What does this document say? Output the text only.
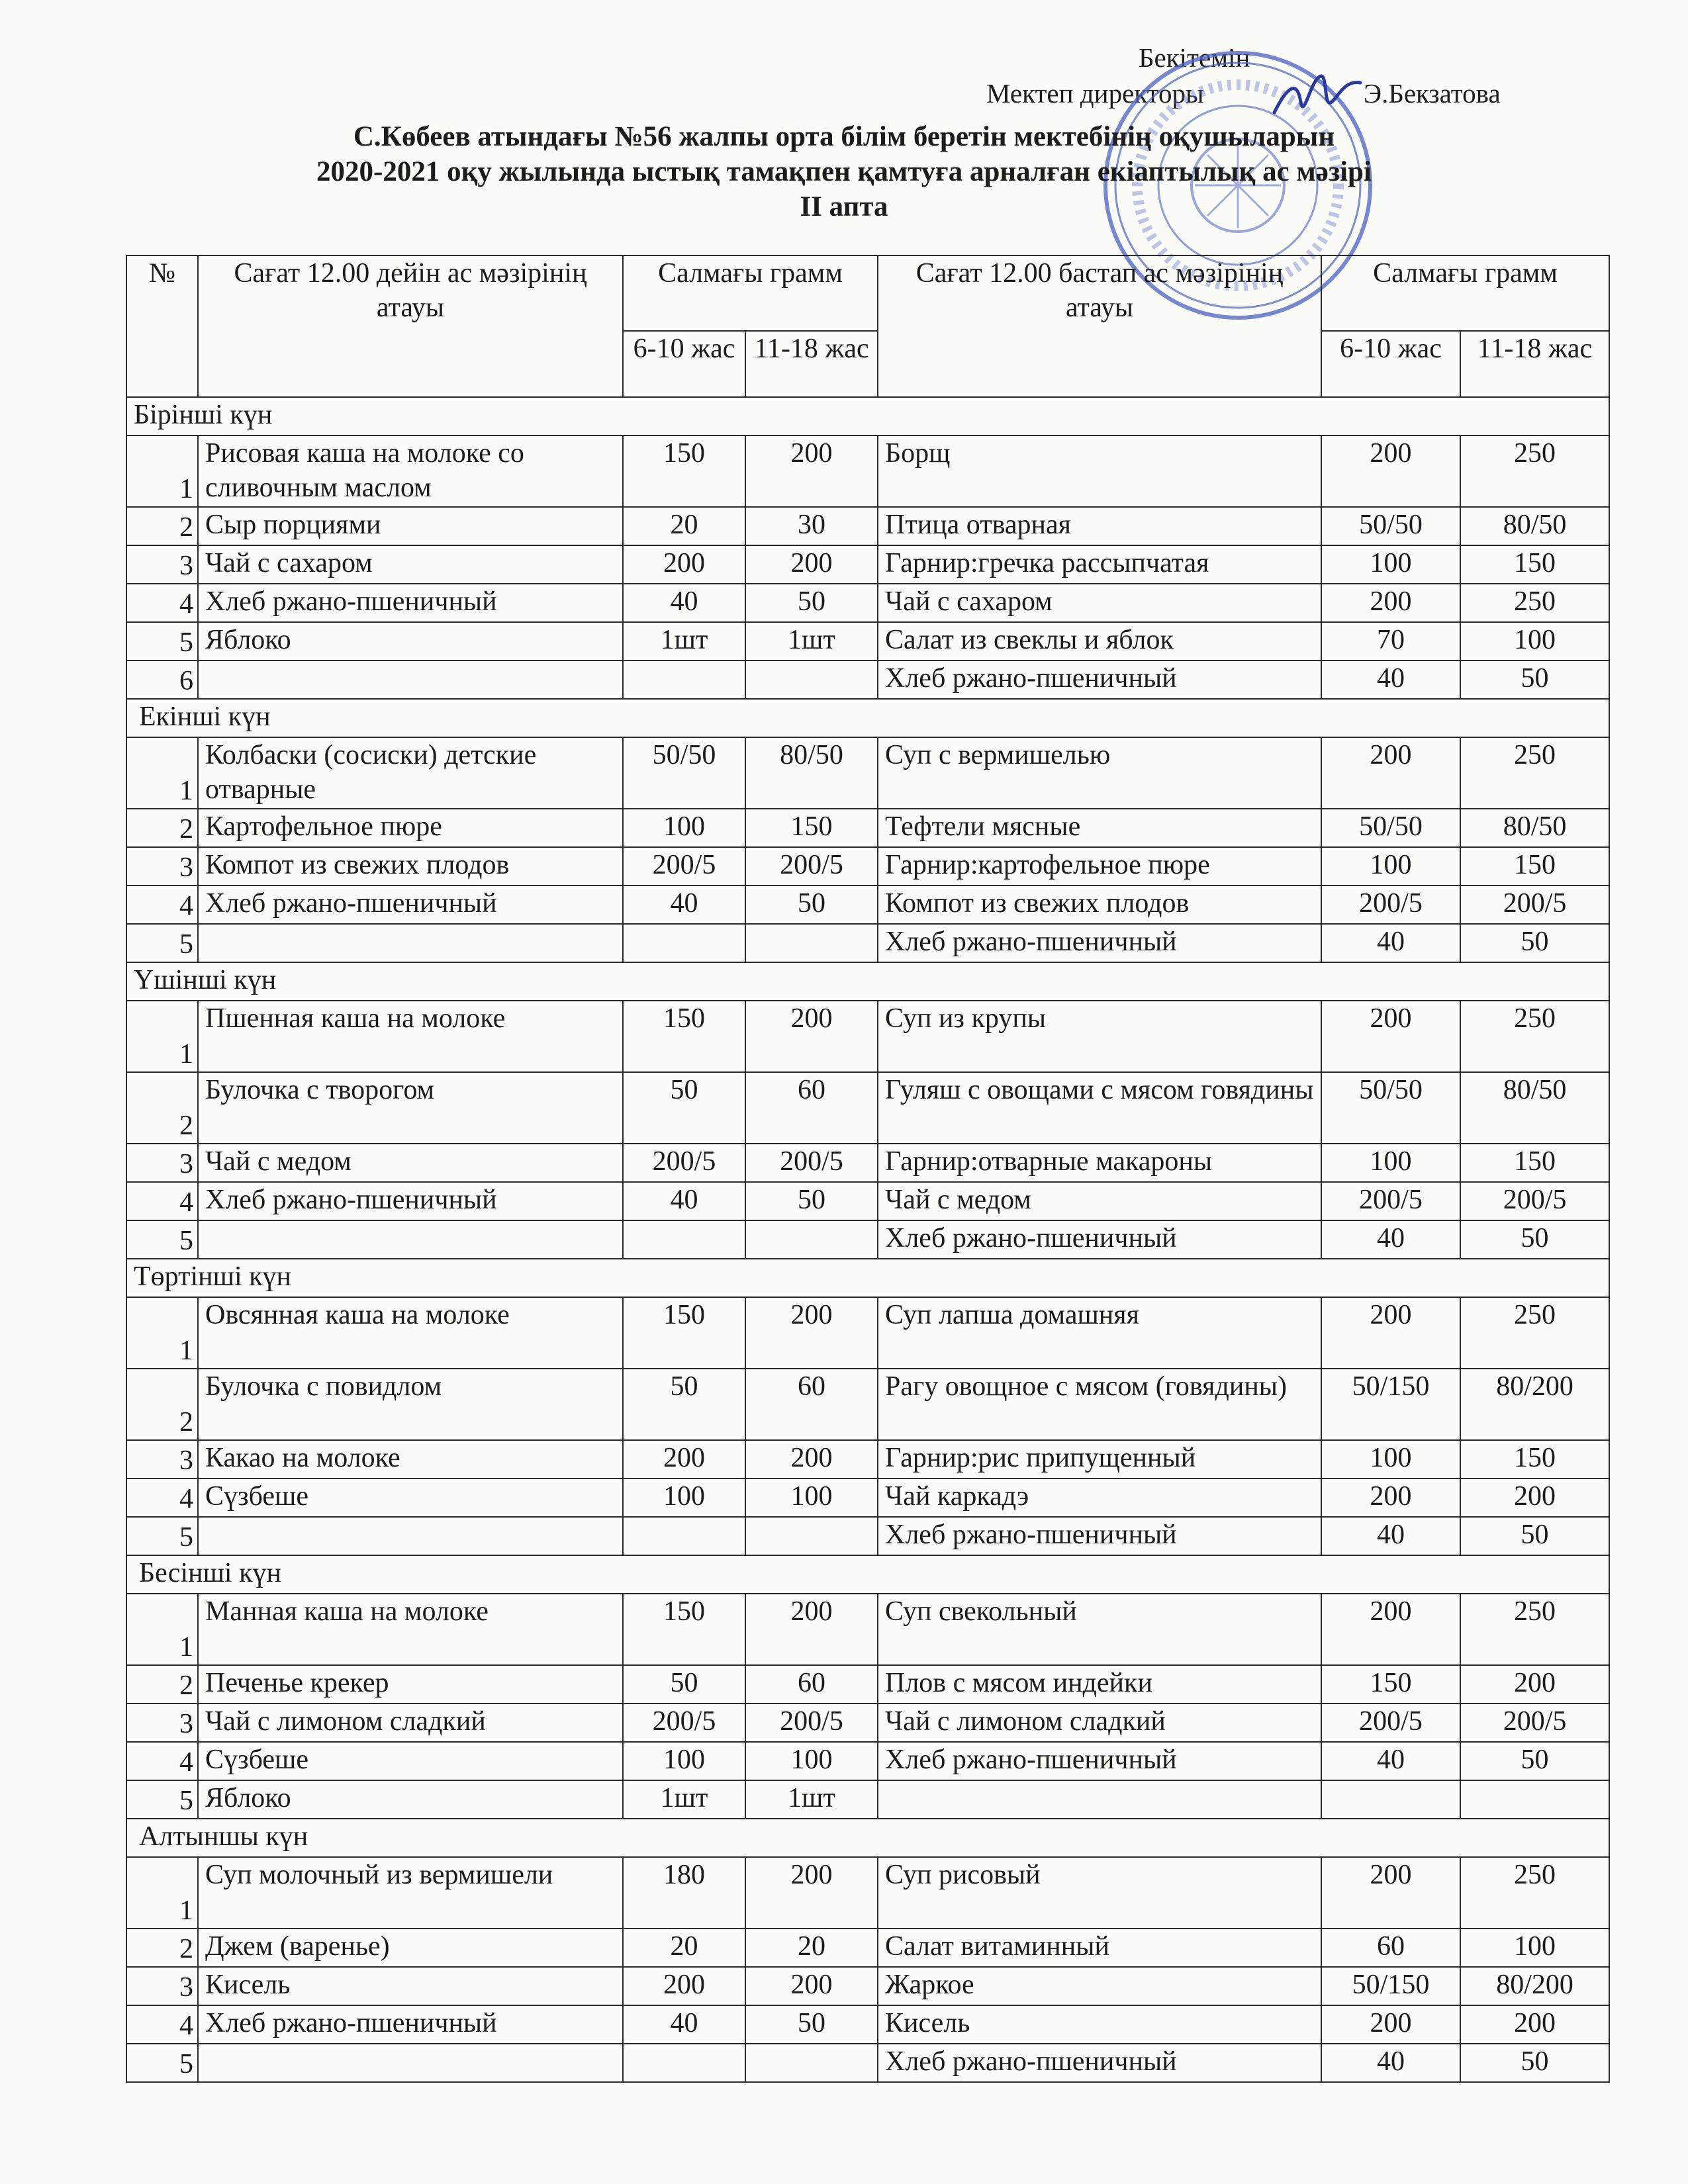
Бекітемін
Мектеп директоры	Э.Бекзатова
С.Көбеев атындағы №56 жалпы орта білім беретін мектебінің оқушыларын
2020-2021 оқу жылында ыстық тамақпен қамтуға арналған екіаптылық ас мәзірі
II апта
№	Сағат 12.00 дейін ас мәзірінің атауы	Салмағы грамм		Сағат 12.00 бастап ас мәзірінің атауы	Салмағы грамм	
		6-10 жас	11-18 жас		6-10 жас	11-18 жас
Бірінші күн						
1	Рисовая каша на молоке со сливочным маслом	150	200	Борщ	200	250
2	Сыр порциями	20	30	Птица отварная	50/50	80/50
3	Чай с сахаром	200	200	Гарнир:гречка рассыпчатая	100	150
4	Хлеб ржано-пшеничный	40	50	Чай с сахаром	200	250
5	Яблоко	1шт	1шт	Салат из свеклы и яблок	70	100
6				Хлеб ржано-пшеничный	40	50
Екінші күн						
1	Колбаски (сосиски) детские отварные	50/50	80/50	Суп с вермишелью	200	250
2	Картофельное пюре	100	150	Тефтели мясные	50/50	80/50
3	Компот из свежих плодов	200/5	200/5	Гарнир:картофельное пюре	100	150
4	Хлеб ржано-пшеничный	40	50	Компот из свежих плодов	200/5	200/5
5				Хлеб ржано-пшеничный	40	50
Үшінші күн						
1	Пшенная каша на молоке	150	200	Суп из крупы	200	250
2	Булочка с творогом	50	60	Гуляш с овощами с мясом говядины	50/50	80/50
3	Чай с медом	200/5	200/5	Гарнир:отварные макароны	100	150
4	Хлеб ржано-пшеничный	40	50	Чай с медом	200/5	200/5
5				Хлеб ржано-пшеничный	40	50
Төртінші күн						
1	Овсянная каша на молоке	150	200	Суп лапша домашняя	200	250
2	Булочка с повидлом	50	60	Рагу овощное с мясом (говядины)	50/150	80/200
3	Какао на молоке	200	200	Гарнир:рис припущенный	100	150
4	Сүзбеше	100	100	Чай каркадэ	200	200
5				Хлеб ржано-пшеничный	40	50
Бесінші күн						
1	Манная каша на молоке	150	200	Суп свекольный	200	250
2	Печенье крекер	50	60	Плов с мясом индейки	150	200
3	Чай с лимоном сладкий	200/5	200/5	Чай с лимоном сладкий	200/5	200/5
4	Сүзбеше	100	100	Хлеб ржано-пшеничный	40	50
5	Яблоко	1шт	1шт			
Алтыншы күн						
1	Суп молочный из вермишели	180	200	Суп рисовый	200	250
2	Джем (варенье)	20	20	Салат витаминный	60	100
3	Кисель	200	200	Жаркое	50/150	80/200
4	Хлеб ржано-пшеничный	40	50	Кисель	200	200
5				Хлеб ржано-пшеничный	40	50
